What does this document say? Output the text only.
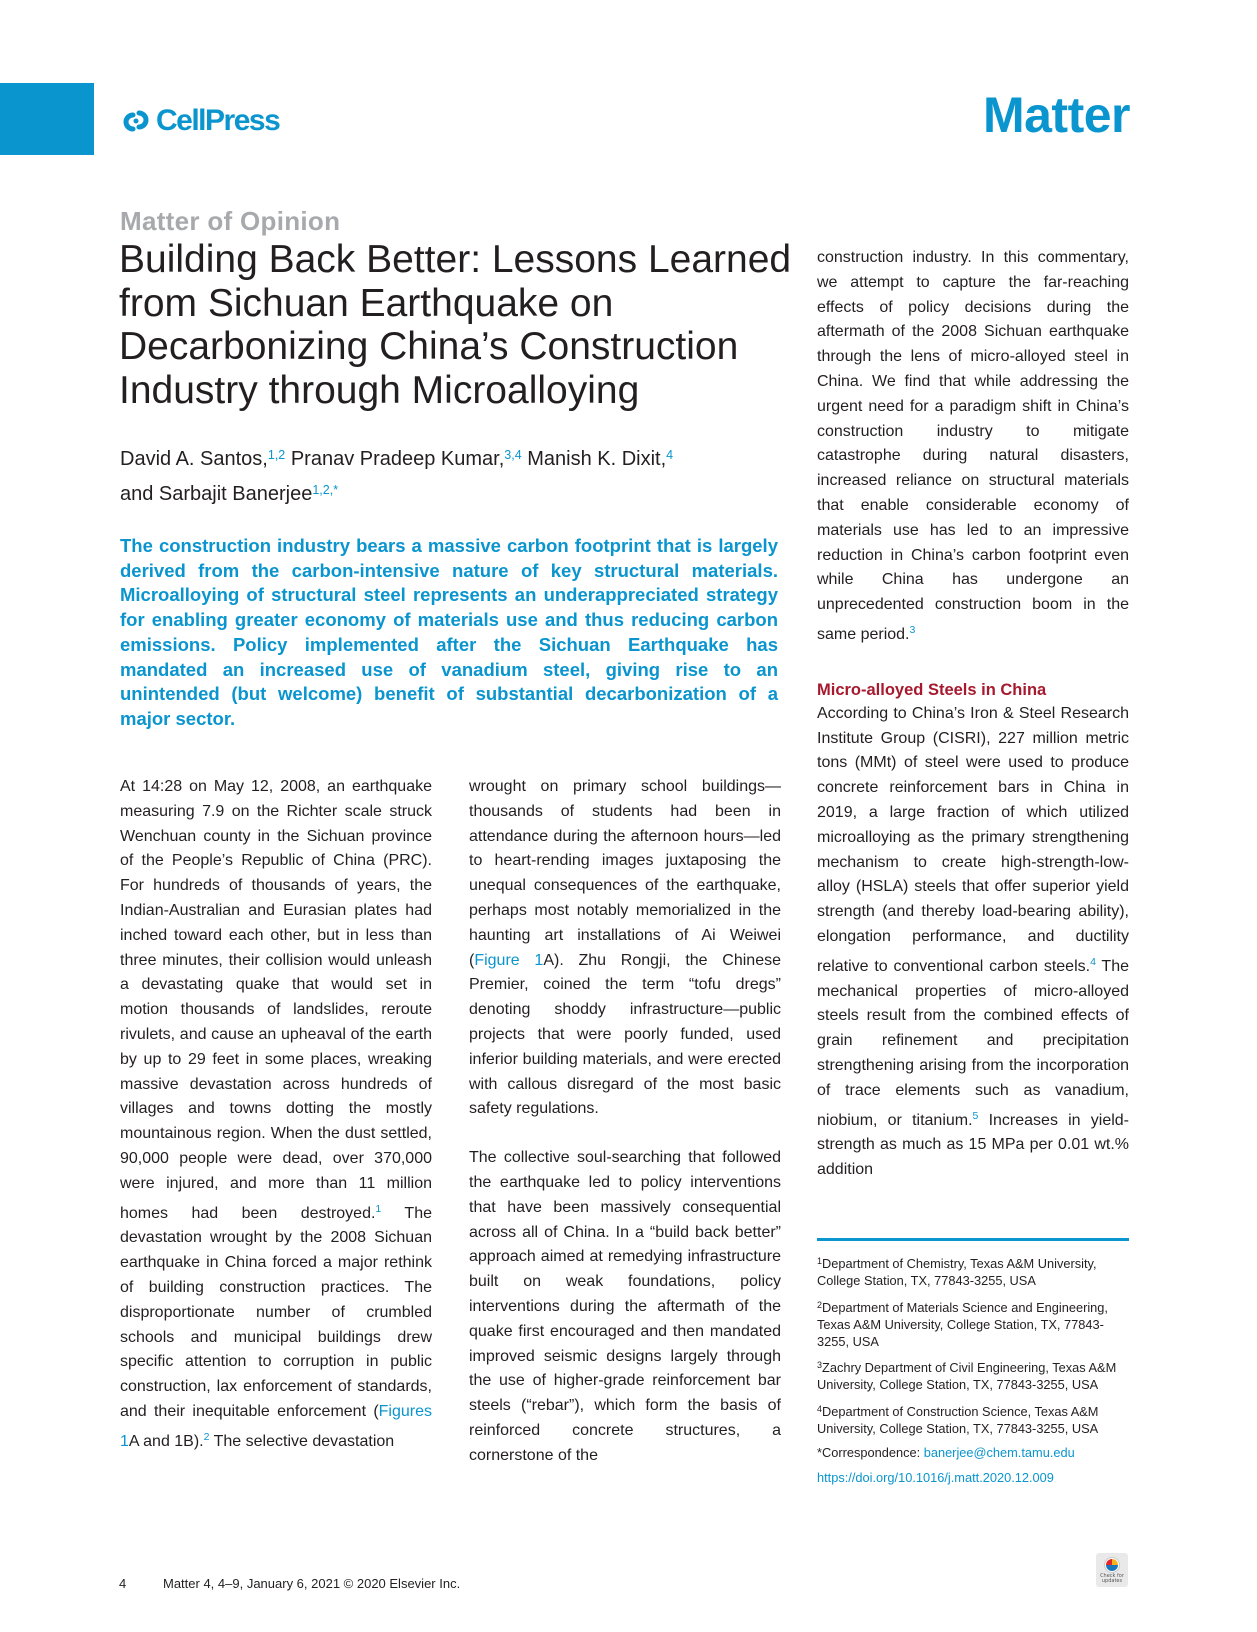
CellPress	Matter
Matter of Opinion
Building Back Better: Lessons Learned from Sichuan Earthquake on Decarbonizing China’s Construction Industry through Microalloying
David A. Santos,$^{1,2}$ Pranav Pradeep Kumar,$^{3,4}$ Manish K. Dixit,$^4$
and Sarbajit Banerjee$^{1,2,*}$

The construction industry bears a massive carbon footprint that is largely derived from the carbon-intensive nature of key structural materials. Microalloying of structural steel represents an underappreciated strategy for enabling greater economy of materials use and thus reducing carbon emissions. Policy implemented after the Sichuan Earthquake has mandated an increased use of vanadium steel, giving rise to an unintended (but welcome) benefit of substantial decarbonization of a major sector.

At 14:28 on May 12, 2008, an earthquake measuring 7.9 on the Richter scale struck Wenchuan county in the Sichuan province of the People’s Republic of China (PRC). For hundreds of thousands of years, the Indian-Australian and Eurasian plates had inched toward each other, but in less than three minutes, their collision would unleash a devastating quake that would set in motion thousands of landslides, reroute rivulets, and cause an upheaval of the earth by up to 29 feet in some places, wreaking massive devastation across hundreds of villages and towns dotting the mostly mountainous region. When the dust settled, 90,000 people were dead, over 370,000 were injured, and more than 11 million homes had been destroyed.$^1$ The devastation wrought by the 2008 Sichuan earthquake in China forced a major rethink of building construction practices. The disproportionate number of crumbled schools and municipal buildings drew specific attention to corruption in public construction, lax enforcement of standards, and their inequitable enforcement (Figures 1A and 1B).$^2$ The selective devastation

wrought on primary school buildings—thousands of students had been in attendance during the afternoon hours—led to heart-rending images juxtaposing the unequal consequences of the earthquake, perhaps most notably memorialized in the haunting art installations of Ai Weiwei (Figure 1A). Zhu Rongji, the Chinese Premier, coined the term “tofu dregs” denoting shoddy infrastructure—public projects that were poorly funded, used inferior building materials, and were erected with callous disregard of the most basic safety regulations.

The collective soul-searching that followed the earthquake led to policy interventions that have been massively consequential across all of China. In a “build back better” approach aimed at remedying infrastructure built on weak foundations, policy interventions during the aftermath of the quake first encouraged and then mandated improved seismic designs largely through the use of higher-grade reinforcement bar steels (“rebar”), which form the basis of reinforced concrete structures, a cornerstone of the

construction industry. In this commentary, we attempt to capture the far-reaching effects of policy decisions during the aftermath of the 2008 Sichuan earthquake through the lens of micro-alloyed steel in China. We find that while addressing the urgent need for a paradigm shift in China’s construction industry to mitigate catastrophe during natural disasters, increased reliance on structural materials that enable considerable economy of materials use has led to an impressive reduction in China’s carbon footprint even while China has undergone an unprecedented construction boom in the same period.$^3$

Micro-alloyed Steels in China

According to China’s Iron & Steel Research Institute Group (CISRI), 227 million metric tons (MMt) of steel were used to produce concrete reinforcement bars in China in 2019, a large fraction of which utilized microalloying as the primary strengthening mechanism to create high-strength-low-alloy (HSLA) steels that offer superior yield strength (and thereby load-bearing ability), elongation performance, and ductility relative to conventional carbon steels.$^4$ The mechanical properties of micro-alloyed steels result from the combined effects of grain refinement and precipitation strengthening arising from the incorporation of trace elements such as vanadium, niobium, or titanium.$^5$ Increases in yield-strength as much as 15 MPa per 0.01 wt.% addition

$^1$Department of Chemistry, Texas A&M University, College Station, TX, 77843-3255, USA

$^2$Department of Materials Science and Engineering, Texas A&M University, College Station, TX, 77843-3255, USA

$^3$Zachry Department of Civil Engineering, Texas A&M University, College Station, TX, 77843-3255, USA

$^4$Department of Construction Science, Texas A&M University, College Station, TX, 77843-3255, USA

*Correspondence: banerjee@chem.tamu.edu

https://doi.org/10.1016/j.matt.2020.12.009

4	Matter 4, 4–9, January 6, 2021 © 2020 Elsevier Inc.
Check for
updates
